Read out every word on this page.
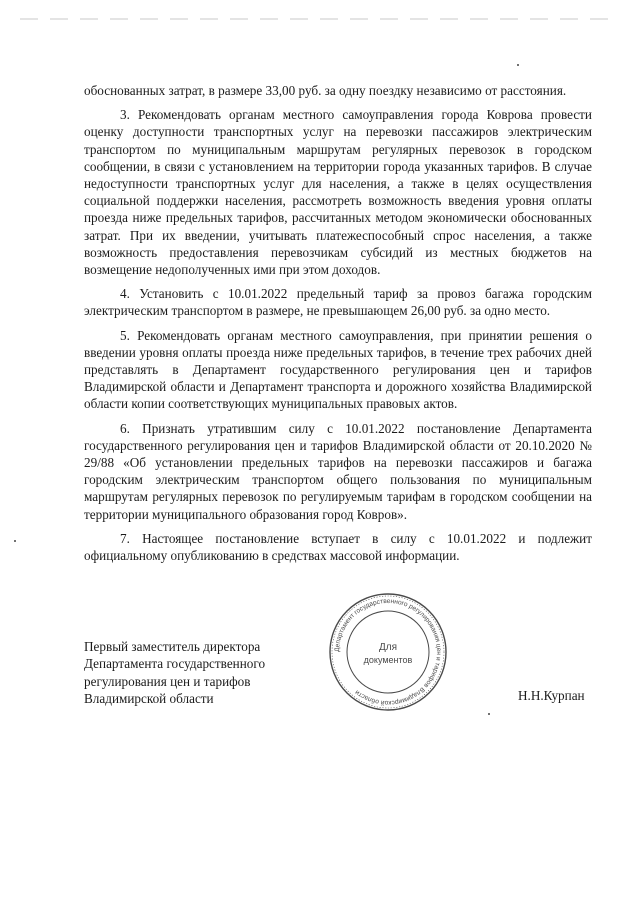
обоснованных затрат, в размере 33,00 руб. за одну поездку независимо от расстояния.

3. Рекомендовать органам местного самоуправления города Коврова провести оценку доступности транспортных услуг на перевозки пассажиров электрическим транспортом по муниципальным маршрутам регулярных перевозок в городском сообщении, в связи с установлением на территории города указанных тарифов. В случае недоступности транспортных услуг для населения, а также в целях осуществления социальной поддержки населения, рассмотреть возможность введения уровня оплаты проезда ниже предельных тарифов, рассчитанных методом экономически обоснованных затрат. При их введении, учитывать платежеспособный спрос населения, а также возможность предоставления перевозчикам субсидий из местных бюджетов на возмещение недополученных ими при этом доходов.

4. Установить с 10.01.2022 предельный тариф за провоз багажа городским электрическим транспортом в размере, не превышающем 26,00 руб. за одно место.

5. Рекомендовать органам местного самоуправления, при принятии решения о введении уровня оплаты проезда ниже предельных тарифов, в течение трех рабочих дней представлять в Департамент государственного регулирования цен и тарифов Владимирской области и Департамент транспорта и дорожного хозяйства Владимирской области копии соответствующих муниципальных правовых актов.

6. Признать утратившим силу с 10.01.2022 постановление Департамента государственного регулирования цен и тарифов Владимирской области от 20.10.2020 № 29/88 «Об установлении предельных тарифов на перевозки пассажиров и багажа городским электрическим транспортом общего пользования по муниципальным маршрутам регулярных перевозок по регулируемым тарифам в городском сообщении на территории муниципального образования город Ковров».

7. Настоящее постановление вступает в силу с 10.01.2022 и подлежит официальному опубликованию в средствах массовой информации.

Первый заместитель директора
Департамента государственного
регулирования цен и тарифов
Владимирской области	Н.Н.Курпан
Департамент государственного регулирования цен и тарифов Владимирской области
Для
документов
